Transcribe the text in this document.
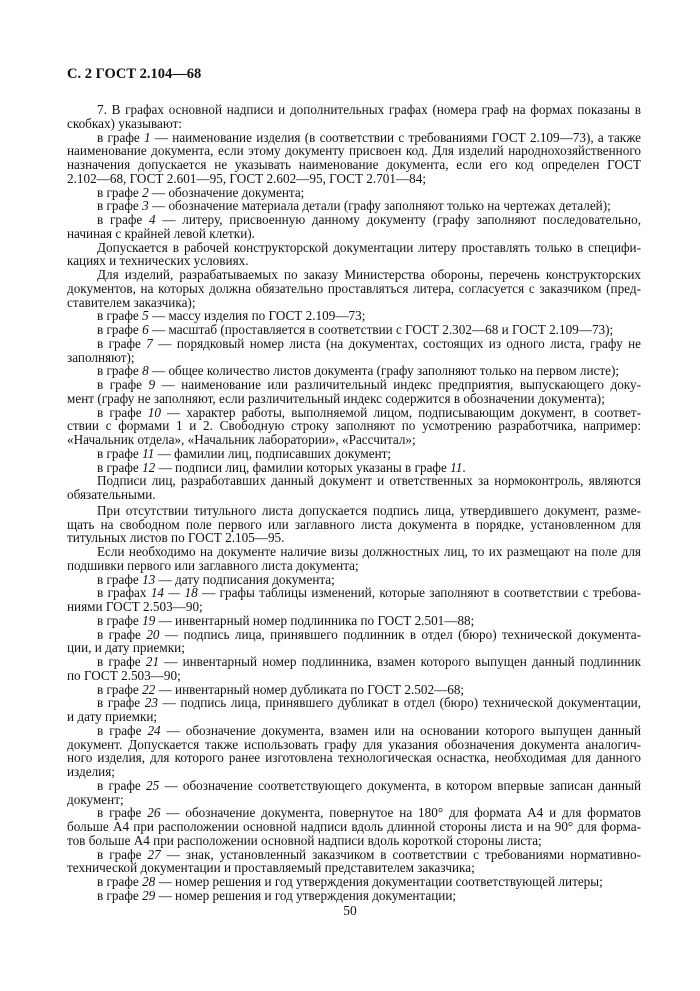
С. 2 ГОСТ 2.104—68
7. В графах основной надписи и дополнительных графах (номера граф на формах показаны в
скобках) указывают:
в графе 1 — наименование изделия (в соответствии с требованиями ГОСТ 2.109—73), а также
наименование документа, если этому документу присвоен код. Для изделий народнохозяйственного
назначения допускается не указывать наименование документа, если его код определен ГОСТ
2.102—68, ГОСТ 2.601—95, ГОСТ 2.602—95, ГОСТ 2.701—84;
в графе 2 — обозначение документа;
в графе 3 — обозначение материала детали (графу заполняют только на чертежах деталей);
в графе 4 — литеру, присвоенную данному документу (графу заполняют последовательно,
начиная с крайней левой клетки).
Допускается в рабочей конструкторской документации литеру проставлять только в специфи-
кациях и технических условиях.
Для изделий, разрабатываемых по заказу Министерства обороны, перечень конструкторских
документов, на которых должна обязательно проставляться литера, согласуется с заказчиком (пред-
ставителем заказчика);
в графе 5 — массу изделия по ГОСТ 2.109—73;
в графе 6 — масштаб (проставляется в соответствии с ГОСТ 2.302—68 и ГОСТ 2.109—73);
в графе 7 — порядковый номер листа (на документах, состоящих из одного листа, графу не
заполняют);
в графе 8 — общее количество листов документа (графу заполняют только на первом листе);
в графе 9 — наименование или различительный индекс предприятия, выпускающего доку-
мент (графу не заполняют, если различительный индекс содержится в обозначении документа);
в графе 10 — характер работы, выполняемой лицом, подписывающим документ, в соответ-
ствии с формами 1 и 2. Свободную строку заполняют по усмотрению разработчика, например:
«Начальник отдела», «Начальник лаборатории», «Рассчитал»;
в графе 11 — фамилии лиц, подписавших документ;
в графе 12 — подписи лиц, фамилии которых указаны в графе 11.
Подписи лиц, разработавших данный документ и ответственных за нормоконтроль, являются
обязательными.
При отсутствии титульного листа допускается подпись лица, утвердившего документ, разме-
щать на свободном поле первого или заглавного листа документа в порядке, установленном для
титульных листов по ГОСТ 2.105—95.
Если необходимо на документе наличие визы должностных лиц, то их размещают на поле для
подшивки первого или заглавного листа документа;
в графе 13 — дату подписания документа;
в графах 14 — 18 — графы таблицы изменений, которые заполняют в соответствии с требова-
ниями ГОСТ 2.503—90;
в графе 19 — инвентарный номер подлинника по ГОСТ 2.501—88;
в графе 20 — подпись лица, принявшего подлинник в отдел (бюро) технической документа-
ции, и дату приемки;
в графе 21 — инвентарный номер подлинника, взамен которого выпущен данный подлинник
по ГОСТ 2.503—90;
в графе 22 — инвентарный номер дубликата по ГОСТ 2.502—68;
в графе 23 — подпись лица, принявшего дубликат в отдел (бюро) технической документации,
и дату приемки;
в графе 24 — обозначение документа, взамен или на основании которого выпущен данный
документ. Допускается также использовать графу для указания обозначения документа аналогич-
ного изделия, для которого ранее изготовлена технологическая оснастка, необходимая для данного
изделия;
в графе 25 — обозначение соответствующего документа, в котором впервые записан данный
документ;
в графе 26 — обозначение документа, повернутое на 180° для формата А4 и для форматов
больше А4 при расположении основной надписи вдоль длинной стороны листа и на 90° для форма-
тов больше А4 при расположении основной надписи вдоль короткой стороны листа;
в графе 27 — знак, установленный заказчиком в соответствии с требованиями нормативно-
технической документации и проставляемый представителем заказчика;
в графе 28 — номер решения и год утверждения документации соответствующей литеры;
в графе 29 — номер решения и год утверждения документации;
50
